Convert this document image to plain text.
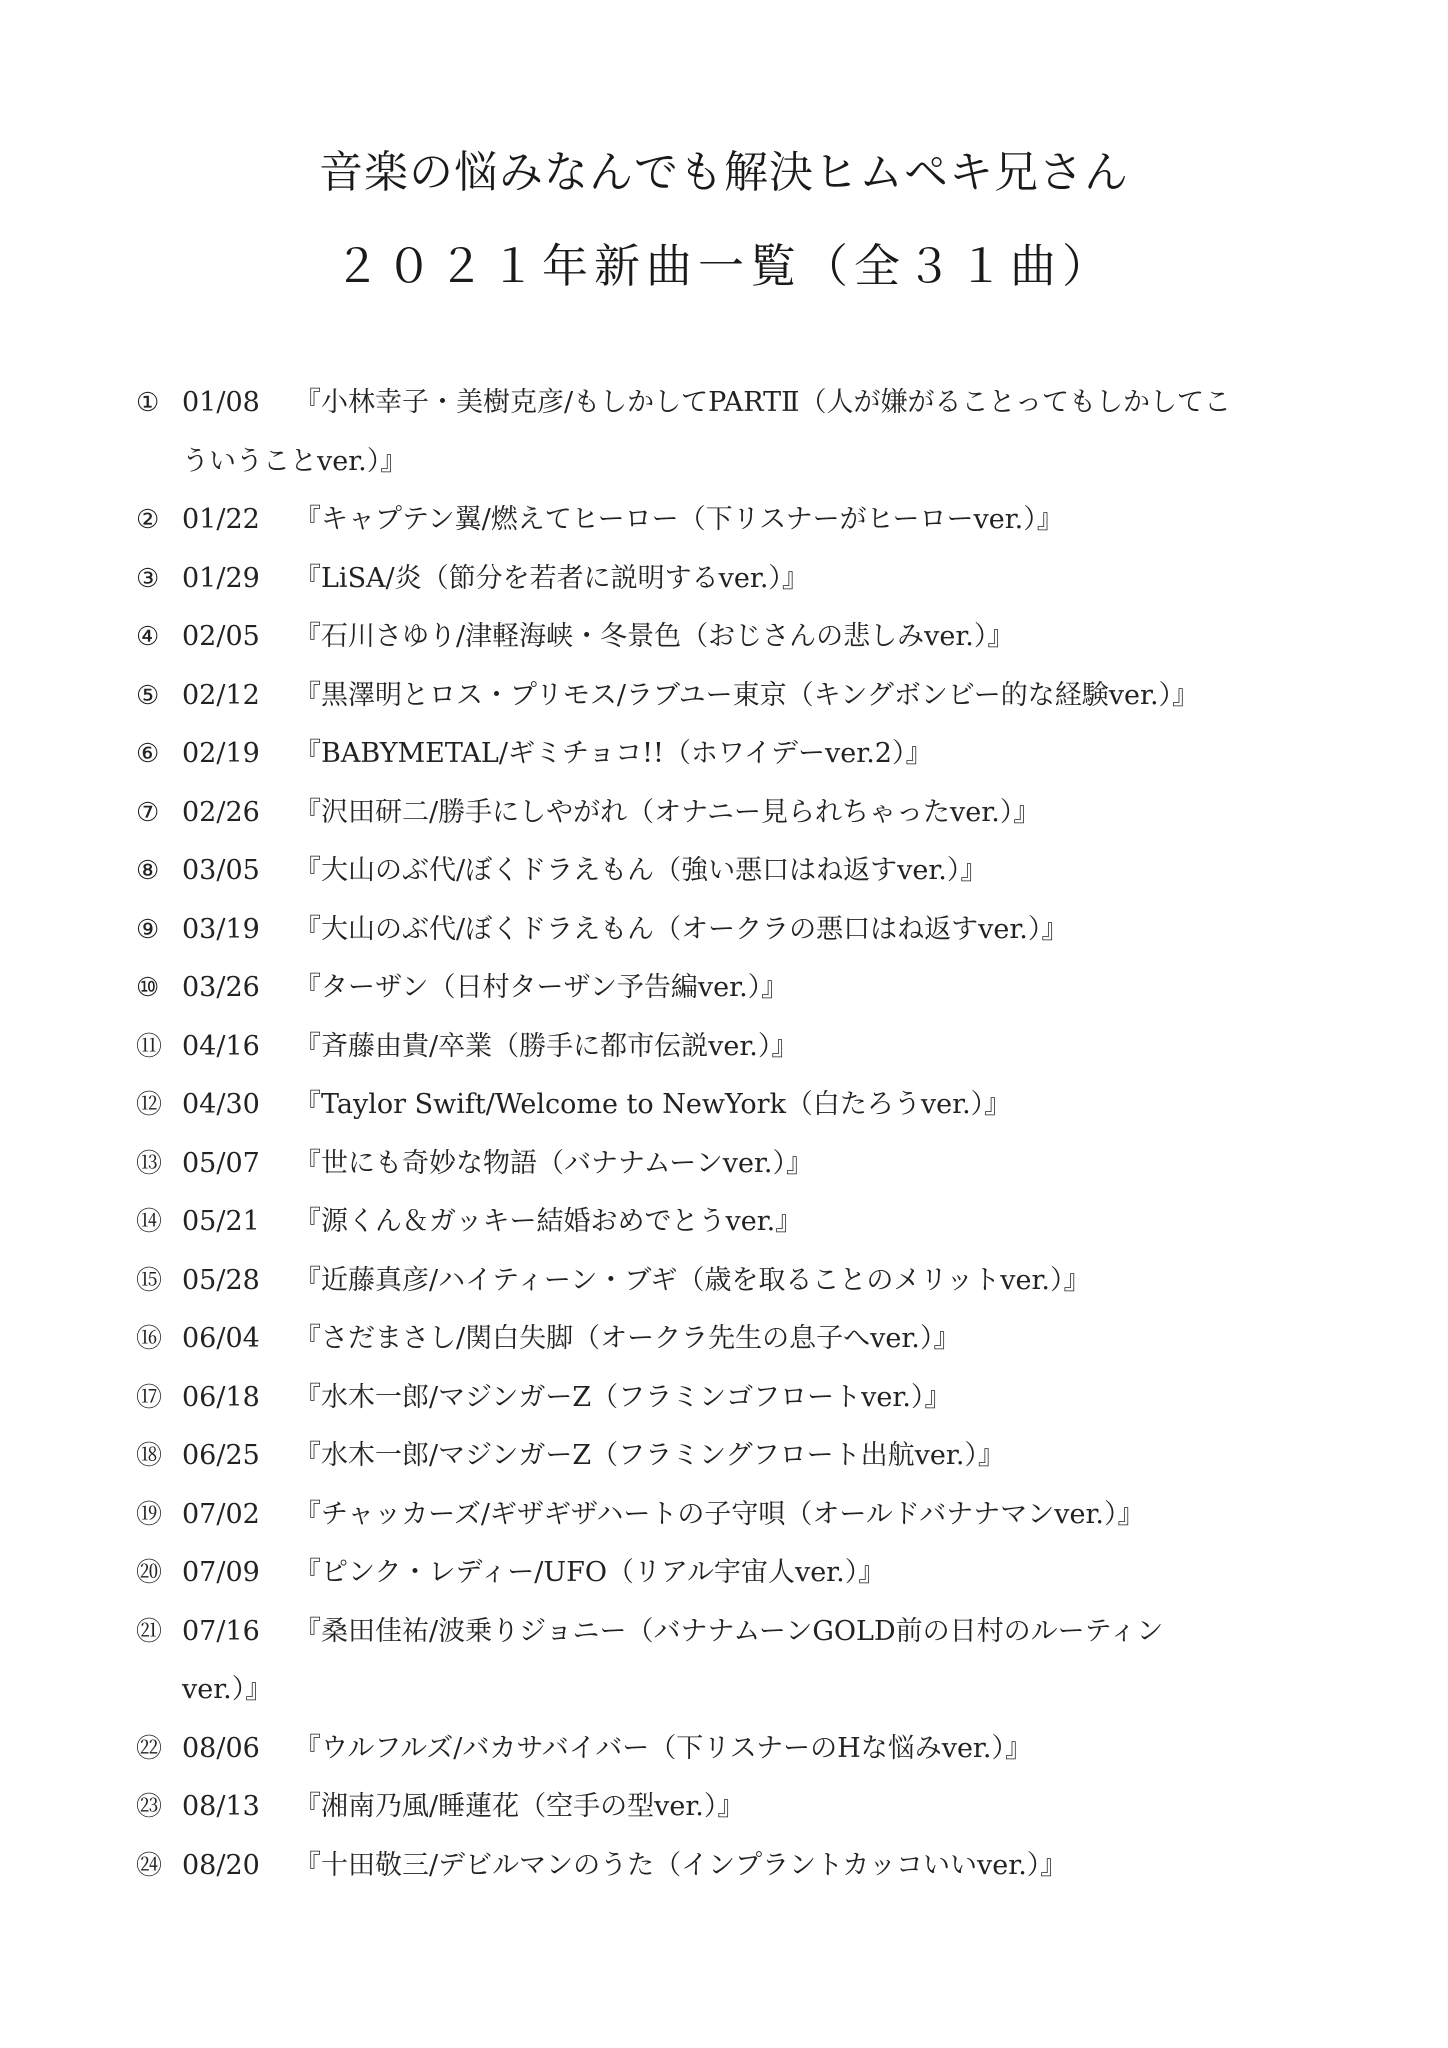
音楽の悩みなんでも解決ヒムペキ兄さん
２０２１年新曲一覧（全３１曲）
① 01/08	『小林幸子・美樹克彦/もしかしてPARTⅡ（人が嫌がることってもしかしてこ
ういうことver.）』
② 01/22	『キャプテン翼/燃えてヒーロー（下リスナーがヒーローver.）』
③ 01/29	『LiSA/炎（節分を若者に説明するver.）』
④ 02/05	『石川さゆり/津軽海峡・冬景色（おじさんの悲しみver.）』
⑤ 02/12	『黒澤明とロス・プリモス/ラブユー東京（キングボンビー的な経験ver.）』
⑥ 02/19	『BABYMETAL/ギミチョコ!!（ホワイデーver.2）』
⑦ 02/26	『沢田研二/勝手にしやがれ（オナニー見られちゃったver.）』
⑧ 03/05	『大山のぶ代/ぼくドラえもん（強い悪口はね返すver.）』
⑨ 03/19	『大山のぶ代/ぼくドラえもん（オークラの悪口はね返すver.）』
⑩ 03/26	『ターザン（日村ターザン予告編ver.）』
⑪ 04/16	『斉藤由貴/卒業（勝手に都市伝説ver.）』
⑫ 04/30	『Taylor Swift/Welcome to NewYork（白たろうver.）』
⑬ 05/07	『世にも奇妙な物語（バナナムーンver.）』
⑭ 05/21	『源くん＆ガッキー結婚おめでとうver.』
⑮ 05/28	『近藤真彦/ハイティーン・ブギ（歳を取ることのメリットver.）』
⑯ 06/04	『さだまさし/関白失脚（オークラ先生の息子へver.）』
⑰ 06/18	『水木一郎/マジンガーZ（フラミンゴフロートver.）』
⑱ 06/25	『水木一郎/マジンガーZ（フラミングフロート出航ver.）』
⑲ 07/02	『チャッカーズ/ギザギザハートの子守唄（オールドバナナマンver.）』
⑳ 07/09	『ピンク・レディー/UFO（リアル宇宙人ver.）』
㉑ 07/16	『桑田佳祐/波乗りジョニー（バナナムーンGOLD前の日村のルーティン
ver.）』
㉒ 08/06	『ウルフルズ/バカサバイバー（下リスナーのHな悩みver.）』
㉓ 08/13	『湘南乃風/睡蓮花（空手の型ver.）』
㉔ 08/20	『十田敬三/デビルマンのうた（インプラントカッコいいver.）』
